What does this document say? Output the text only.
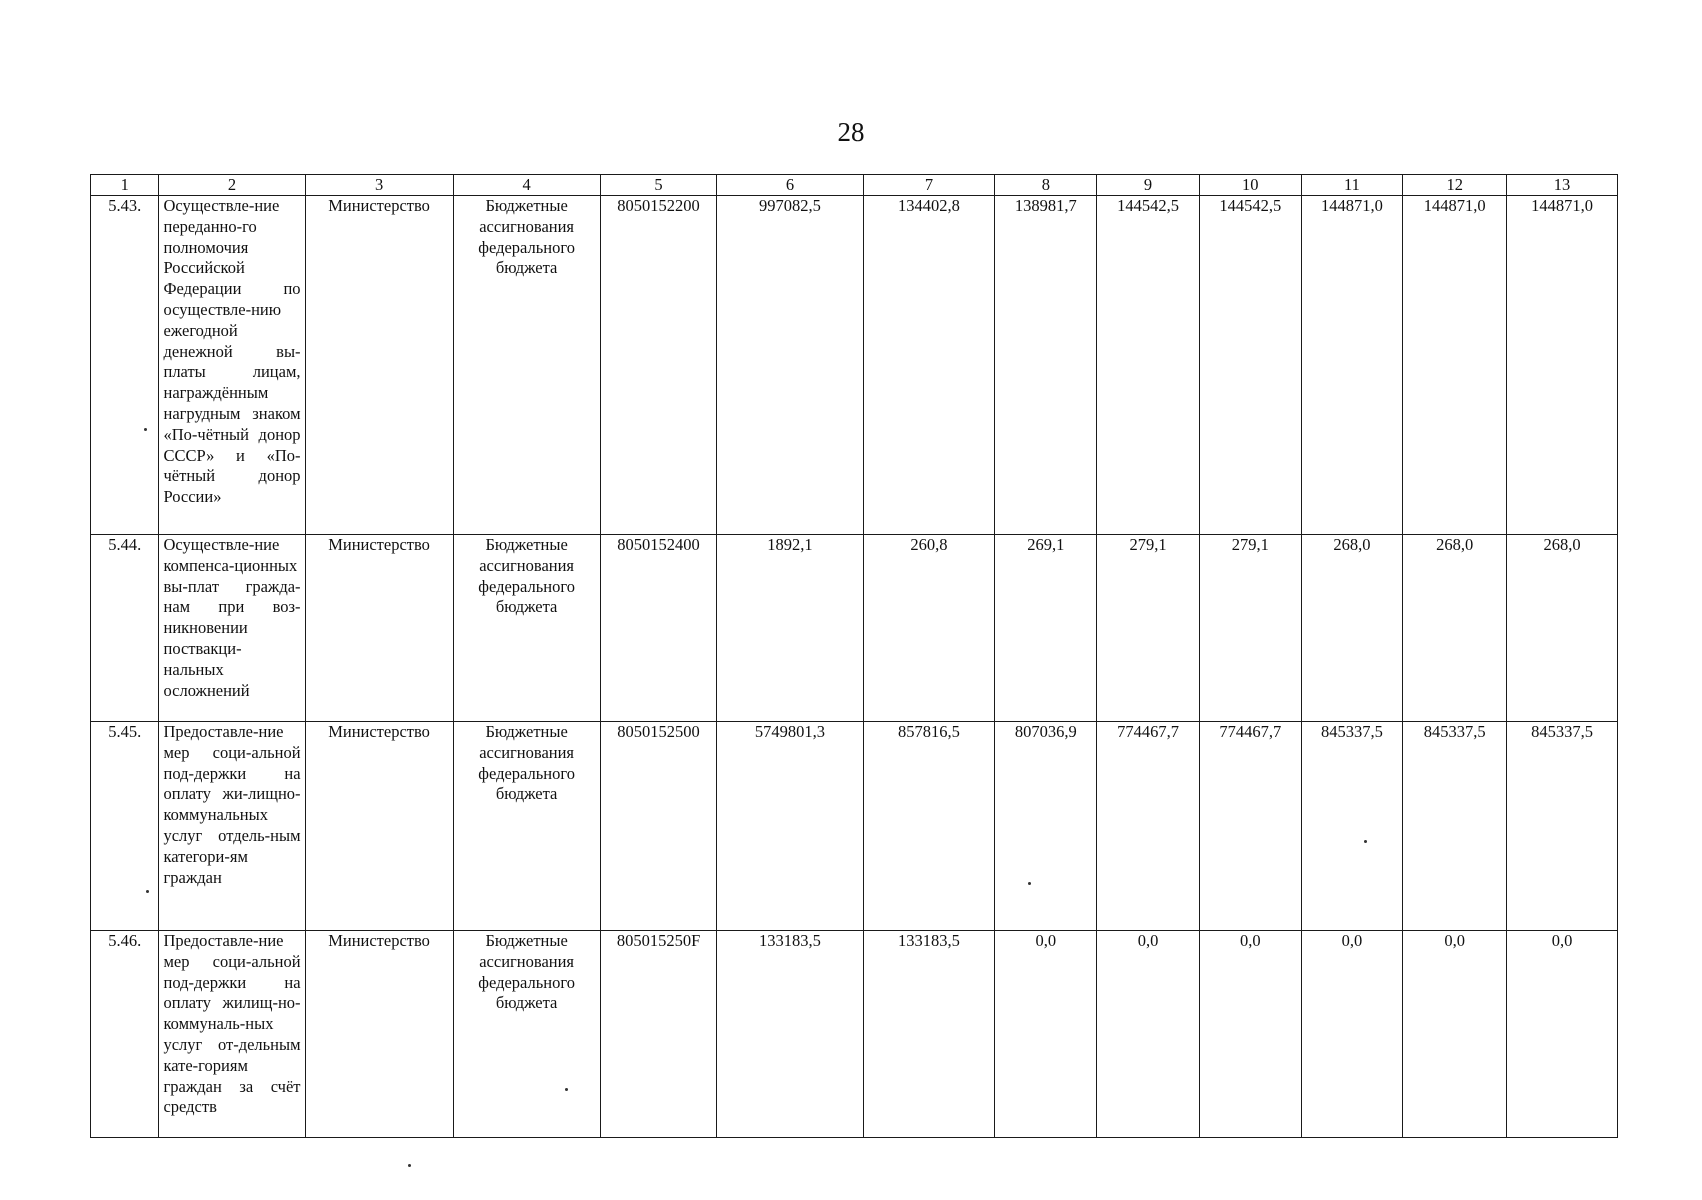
28
1	2	3	4	5	6	7	8	9	10	11	12	13
5.43.	Осуществле-ние переданно-го полномочия Российской Федерации по осуществле-нию ежегодной денежной вы-платы лицам, награждённым нагрудным знаком «По-чётный донор СССР» и «По-чётный донор России»	Министерство	Бюджетные ассигнования федерального бюджета	8050152200	997082,5	134402,8	138981,7	144542,5	144542,5	144871,0	144871,0	144871,0
5.44.	Осуществле-ние компенса-ционных вы-плат гражда-нам при воз-никновении поствакци-нальных осложнений	Министерство	Бюджетные ассигнования федерального бюджета	8050152400	1892,1	260,8	269,1	279,1	279,1	268,0	268,0	268,0
5.45.	Предоставле-ние мер соци-альной под-держки на оплату жи-лищно-коммунальных услуг отдель-ным категори-ям граждан	Министерство	Бюджетные ассигнования федерального бюджета	8050152500	5749801,3	857816,5	807036,9	774467,7	774467,7	845337,5	845337,5	845337,5
5.46.	Предоставле-ние мер соци-альной под-держки на оплату жилищ-но-коммуналь-ных услуг от-дельным кате-гориям граждан за счёт средств	Министерство	Бюджетные ассигнования федерального бюджета	805015250F	133183,5	133183,5	0,0	0,0	0,0	0,0	0,0	0,0
